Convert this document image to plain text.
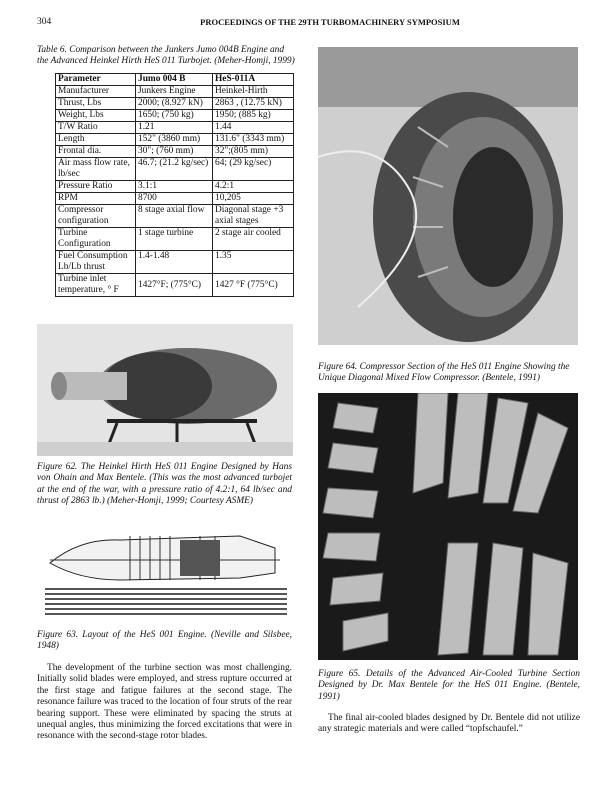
304	PROCEEDINGS OF THE 29TH TURBOMACHINERY SYMPOSIUM
Table 6. Comparison between the Junkers Jumo 004B Engine and the Advanced Heinkel Hirth HeS 011 Turbojet. (Meher-Homji, 1999)
Parameter	Jumo 004 B	HeS-011A
Manufacturer	Junkers Engine	Heinkel-Hirth
Thrust, Lbs	2000; (8.927 kN)	2863 , (12.75 kN)
Weight, Lbs	1650; (750 kg)	1950; (885 kg)
T/W Ratio	1.21	1.44
Length	152" (3860 mm)	131.6" (3343 mm)
Frontal dia.	30"; (760 mm)	32";(805 mm)
Air mass flow rate, lb/sec	46.7; (21.2 kg/sec)	64; (29 kg/sec)
Pressure Ratio	3.1:1	4.2:1
RPM	8700	10,205
Compressor configuration	8 stage axial flow	Diagonal stage +3 axial stages
Turbine Configuration	1 stage turbine	2 stage air cooled
Fuel Consumption Lb/Lb thrust	1.4-1.48	1.35
Turbine inlet temperature, ° F	1427°F; (775°C)	1427 °F (775°C)
Figure 62. The Heinkel Hirth HeS 011 Engine Designed by Hans von Ohain and Max Bentele. (This was the most advanced turbojet at the end of the war, with a pressure ratio of 4.2:1, 64 lb/sec and thrust of 2863 lb.) (Meher-Homji, 1999; Courtesy ASME)
Figure 63. Layout of the HeS 001 Engine. (Neville and Silsbee, 1948)

The development of the turbine section was most challenging. Initially solid blades were employed, and stress rupture occurred at the first stage and fatigue failures at the second stage. The resonance failure was traced to the location of four struts of the rear bearing support. These were eliminated by spacing the struts at unequal angles, thus minimizing the forced excitations that were in resonance with the second-stage rotor blades.

Figure 64. Compressor Section of the HeS 011 Engine Showing the Unique Diagonal Mixed Flow Compressor. (Bentele, 1991)
Figure 65. Details of the Advanced Air-Cooled Turbine Section Designed by Dr. Max Bentele for the HeS 011 Engine. (Bentele, 1991)

The final air-cooled blades designed by Dr. Bentele did not utilize any strategic materials and were called “topfschaufel.”
